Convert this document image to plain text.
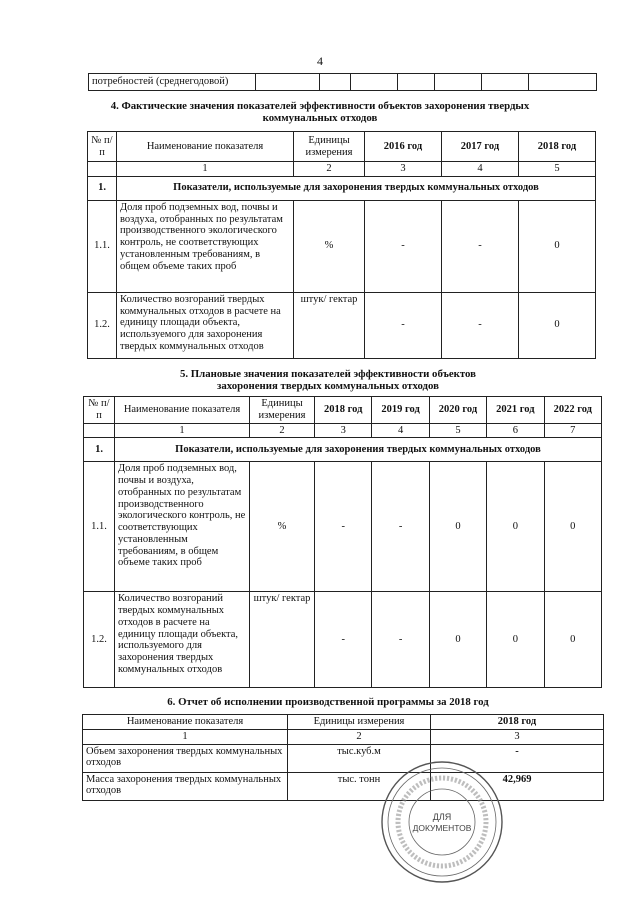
4
потребностей (среднегодовой)							
4. Фактические значения показателей эффективности объектов захоронения твердых
коммунальных отходов
№ п/п	Наименование показателя	Единицы измерения	2016 год	2017 год	2018 год
	1	2	3	4	5
1.	Показатели, используемые для захоронения твердых коммунальных отходов				
1.1.	Доля проб подземных вод, почвы и воздуха, отобранных по результатам производственного экологического контроль, не соответствующих установленным требованиям, в общем объеме таких проб	%	-	-	0
1.2.	Количество возгораний твердых коммунальных отходов в расчете на единицу площади объекта, используемого для захоронения твердых коммунальных отходов	штук/ гектар	-	-	0
5. Плановые значения показателей эффективности объектов
захоронения твердых коммунальных отходов
№ п/п	Наименование показателя	Единицы измерения	2018 год	2019 год	2020 год	2021 год	2022 год
	1	2	3	4	5	6	7
1.	Показатели, используемые для захоронения твердых коммунальных отходов						
1.1.	Доля проб подземных вод, почвы и воздуха, отобранных по результатам производственного экологического контроль, не соответствующих установленным требованиям, в общем объеме таких проб	%	-	-	0	0	0
1.2.	Количество возгораний твердых коммунальных отходов в расчете на единицу площади объекта, используемого для захоронения твердых коммунальных отходов	штук/ гектар	-	-	0	0	0
6. Отчет об исполнении производственной программы за 2018 год
Наименование показателя	Единицы измерения	2018 год
1	2	3
Объем захоронения твердых коммунальных отходов	тыс.куб.м	-
Масса захоронения твердых коммунальных отходов	тыс. тонн	42,969
ДЛЯ
ДОКУМЕНТОВ
